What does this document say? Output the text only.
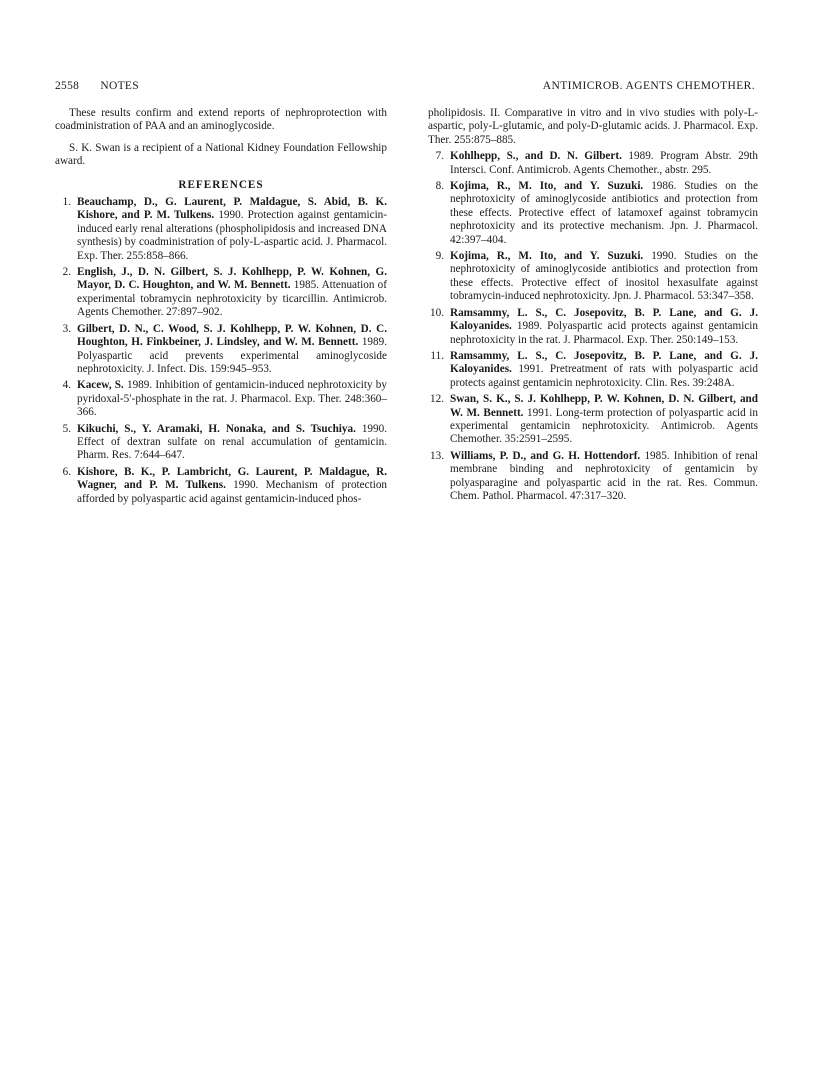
2558 NOTES	ANTIMICROB. AGENTS CHEMOTHER.

These results confirm and extend reports of nephroprotection with coadministration of PAA and an aminoglycoside.

S. K. Swan is a recipient of a National Kidney Foundation Fellowship award.

REFERENCES

1. Beauchamp, D., G. Laurent, P. Maldague, S. Abid, B. K. Kishore, and P. M. Tulkens. 1990. Protection against gentamicin-induced early renal alterations (phospholipidosis and increased DNA synthesis) by coadministration of poly-L-aspartic acid. J. Pharmacol. Exp. Ther. 255:858–866.

2. English, J., D. N. Gilbert, S. J. Kohlhepp, P. W. Kohnen, G. Mayor, D. C. Houghton, and W. M. Bennett. 1985. Attenuation of experimental tobramycin nephrotoxicity by ticarcillin. Antimicrob. Agents Chemother. 27:897–902.

3. Gilbert, D. N., C. Wood, S. J. Kohlhepp, P. W. Kohnen, D. C. Houghton, H. Finkbeiner, J. Lindsley, and W. M. Bennett. 1989. Polyaspartic acid prevents experimental aminoglycoside nephrotoxicity. J. Infect. Dis. 159:945–953.

4. Kacew, S. 1989. Inhibition of gentamicin-induced nephrotoxicity by pyridoxal-5′-phosphate in the rat. J. Pharmacol. Exp. Ther. 248:360–366.

5. Kikuchi, S., Y. Aramaki, H. Nonaka, and S. Tsuchiya. 1990. Effect of dextran sulfate on renal accumulation of gentamicin. Pharm. Res. 7:644–647.

6. Kishore, B. K., P. Lambricht, G. Laurent, P. Maldague, R. Wagner, and P. M. Tulkens. 1990. Mechanism of protection afforded by polyaspartic acid against gentamicin-induced phos-

pholipidosis. II. Comparative in vitro and in vivo studies with poly-L-aspartic, poly-L-glutamic, and poly-D-glutamic acids. J. Pharmacol. Exp. Ther. 255:875–885.

7. Kohlhepp, S., and D. N. Gilbert. 1989. Program Abstr. 29th Intersci. Conf. Antimicrob. Agents Chemother., abstr. 295.

8. Kojima, R., M. Ito, and Y. Suzuki. 1986. Studies on the nephrotoxicity of aminoglycoside antibiotics and protection from these effects. Protective effect of latamoxef against tobramycin nephrotoxicity and its protective mechanism. Jpn. J. Pharmacol. 42:397–404.

9. Kojima, R., M. Ito, and Y. Suzuki. 1990. Studies on the nephrotoxicity of aminoglycoside antibiotics and protection from these effects. Protective effect of inositol hexasulfate against tobramycin-induced nephrotoxicity. Jpn. J. Pharmacol. 53:347–358.

10. Ramsammy, L. S., C. Josepovitz, B. P. Lane, and G. J. Kaloyanides. 1989. Polyaspartic acid protects against gentamicin nephrotoxicity in the rat. J. Pharmacol. Exp. Ther. 250:149–153.

11. Ramsammy, L. S., C. Josepovitz, B. P. Lane, and G. J. Kaloyanides. 1991. Pretreatment of rats with polyaspartic acid protects against gentamicin nephrotoxicity. Clin. Res. 39:248A.

12. Swan, S. K., S. J. Kohlhepp, P. W. Kohnen, D. N. Gilbert, and W. M. Bennett. 1991. Long-term protection of polyaspartic acid in experimental gentamicin nephrotoxicity. Antimicrob. Agents Chemother. 35:2591–2595.

13. Williams, P. D., and G. H. Hottendorf. 1985. Inhibition of renal membrane binding and nephrotoxicity of gentamicin by polyasparagine and polyaspartic acid in the rat. Res. Commun. Chem. Pathol. Pharmacol. 47:317–320.
